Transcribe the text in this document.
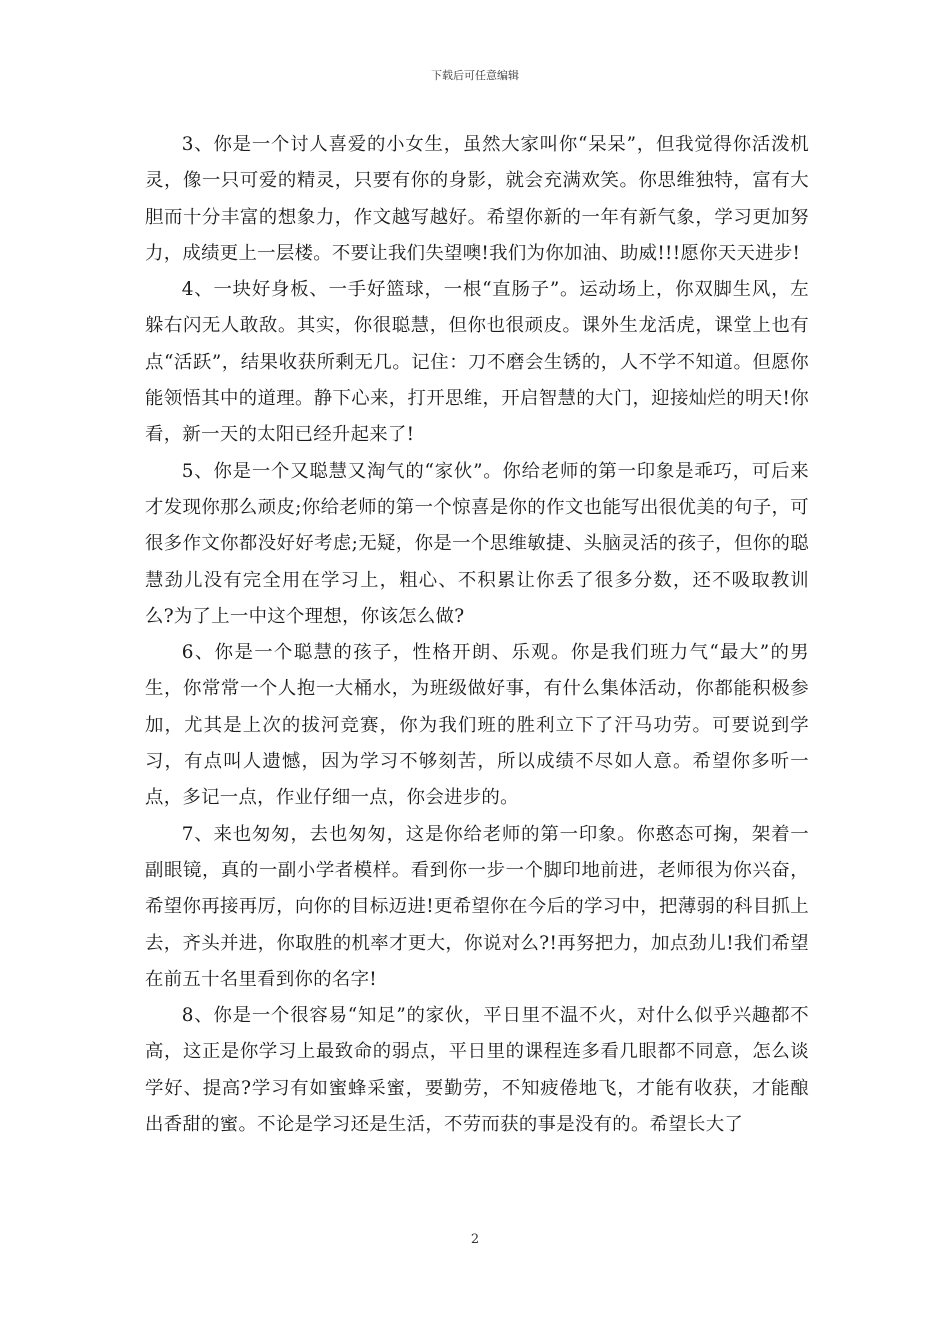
下载后可任意编辑

3、你是一个讨人喜爱的小女生，虽然大家叫你“呆呆”，但我觉得你活泼机灵，像一只可爱的精灵，只要有你的身影，就会充满欢笑。你思维独特，富有大胆而十分丰富的想象力，作文越写越好。希望你新的一年有新气象，学习更加努力，成绩更上一层楼。不要让我们失望噢!我们为你加油、助威!!!愿你天天进步!

4、一块好身板、一手好篮球，一根“直肠子”。运动场上，你双脚生风，左躲右闪无人敢敌。其实，你很聪慧，但你也很顽皮。课外生龙活虎，课堂上也有点“活跃”，结果收获所剩无几。记住：刀不磨会生锈的，人不学不知道。但愿你能领悟其中的道理。静下心来，打开思维，开启智慧的大门，迎接灿烂的明天!你看，新一天的太阳已经升起来了!

5、你是一个又聪慧又淘气的“家伙”。你给老师的第一印象是乖巧，可后来才发现你那么顽皮;你给老师的第一个惊喜是你的作文也能写出很优美的句子，可很多作文你都没好好考虑;无疑，你是一个思维敏捷、头脑灵活的孩子，但你的聪慧劲儿没有完全用在学习上，粗心、不积累让你丢了很多分数，还不吸取教训么?为了上一中这个理想，你该怎么做?

6、你是一个聪慧的孩子，性格开朗、乐观。你是我们班力气“最大”的男生，你常常一个人抱一大桶水，为班级做好事，有什么集体活动，你都能积极参加，尤其是上次的拔河竞赛，你为我们班的胜利立下了汗马功劳。可要说到学习，有点叫人遗憾，因为学习不够刻苦，所以成绩不尽如人意。希望你多听一点，多记一点，作业仔细一点，你会进步的。

7、来也匆匆，去也匆匆，这是你给老师的第一印象。你憨态可掬，架着一副眼镜，真的一副小学者模样。看到你一步一个脚印地前进，老师很为你兴奋，希望你再接再厉，向你的目标迈进!更希望你在今后的学习中，把薄弱的科目抓上去，齐头并进，你取胜的机率才更大，你说对么?!再努把力，加点劲儿!我们希望在前五十名里看到你的名字!

8、你是一个很容易“知足”的家伙，平日里不温不火，对什么似乎兴趣都不高，这正是你学习上最致命的弱点，平日里的课程连多看几眼都不同意，怎么谈学好、提高?学习有如蜜蜂采蜜，要勤劳，不知疲倦地飞，才能有收获，才能酿出香甜的蜜。不论是学习还是生活，不劳而获的事是没有的。希望长大了

2
